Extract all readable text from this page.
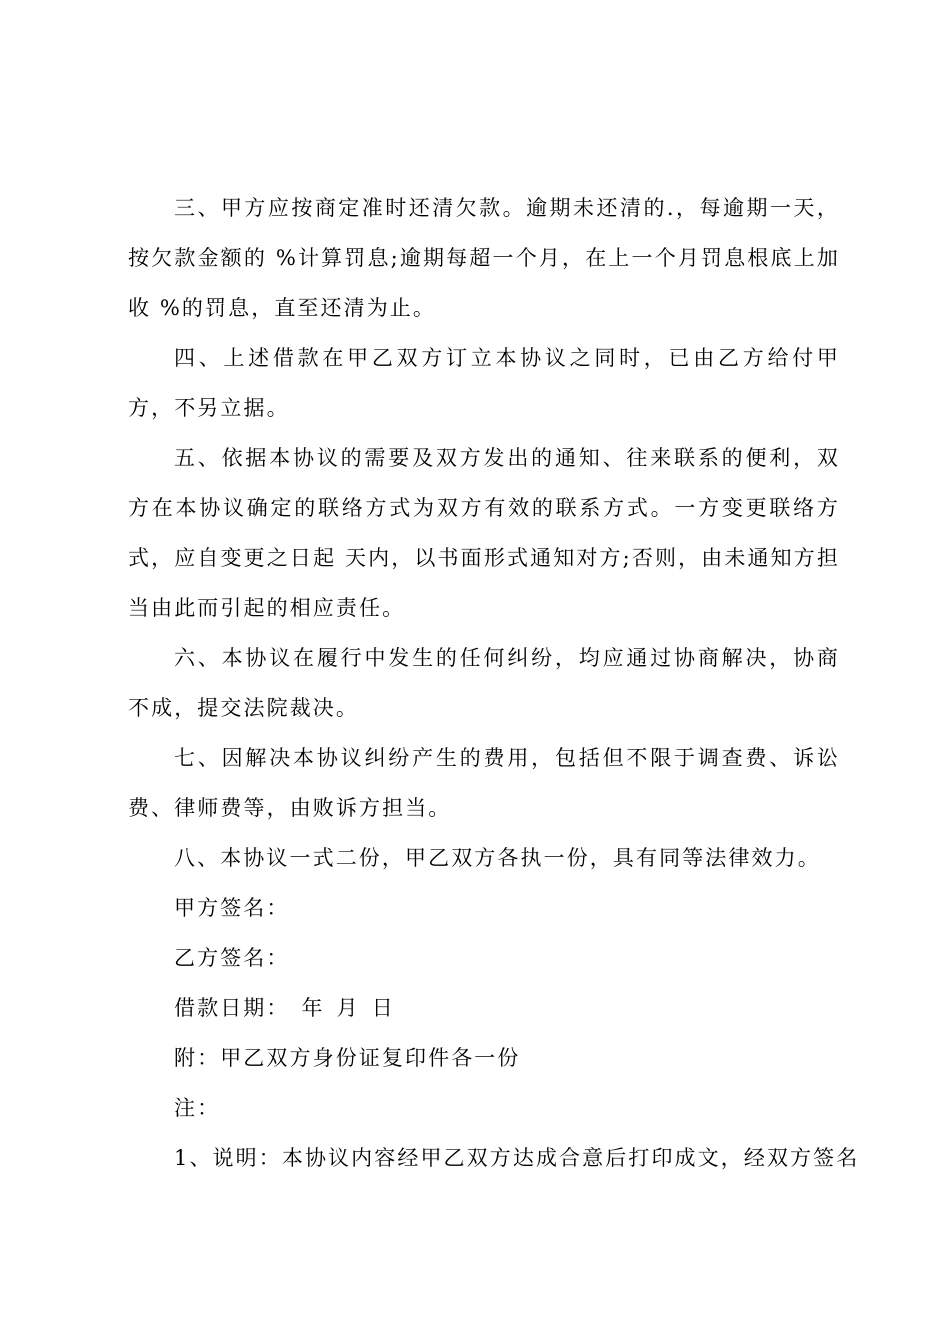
三、甲方应按商定准时还清欠款。逾期未还清的.，每逾期一天，按欠款金额的 %计算罚息;逾期每超一个月，在上一个月罚息根底上加收 %的罚息，直至还清为止。

四、上述借款在甲乙双方订立本协议之同时，已由乙方给付甲方，不另立据。

五、依据本协议的需要及双方发出的通知、往来联系的便利，双方在本协议确定的联络方式为双方有效的联系方式。一方变更联络方式，应自变更之日起 天内，以书面形式通知对方;否则，由未通知方担当由此而引起的相应责任。

六、本协议在履行中发生的任何纠纷，均应通过协商解决，协商不成，提交法院裁决。

七、因解决本协议纠纷产生的费用，包括但不限于调查费、诉讼费、律师费等，由败诉方担当。

八、本协议一式二份，甲乙双方各执一份，具有同等法律效力。

甲方签名：

乙方签名：

借款日期： 年 月 日

附：甲乙双方身份证复印件各一份

注：

1、说明：本协议内容经甲乙双方达成合意后打印成文，经双方签名
